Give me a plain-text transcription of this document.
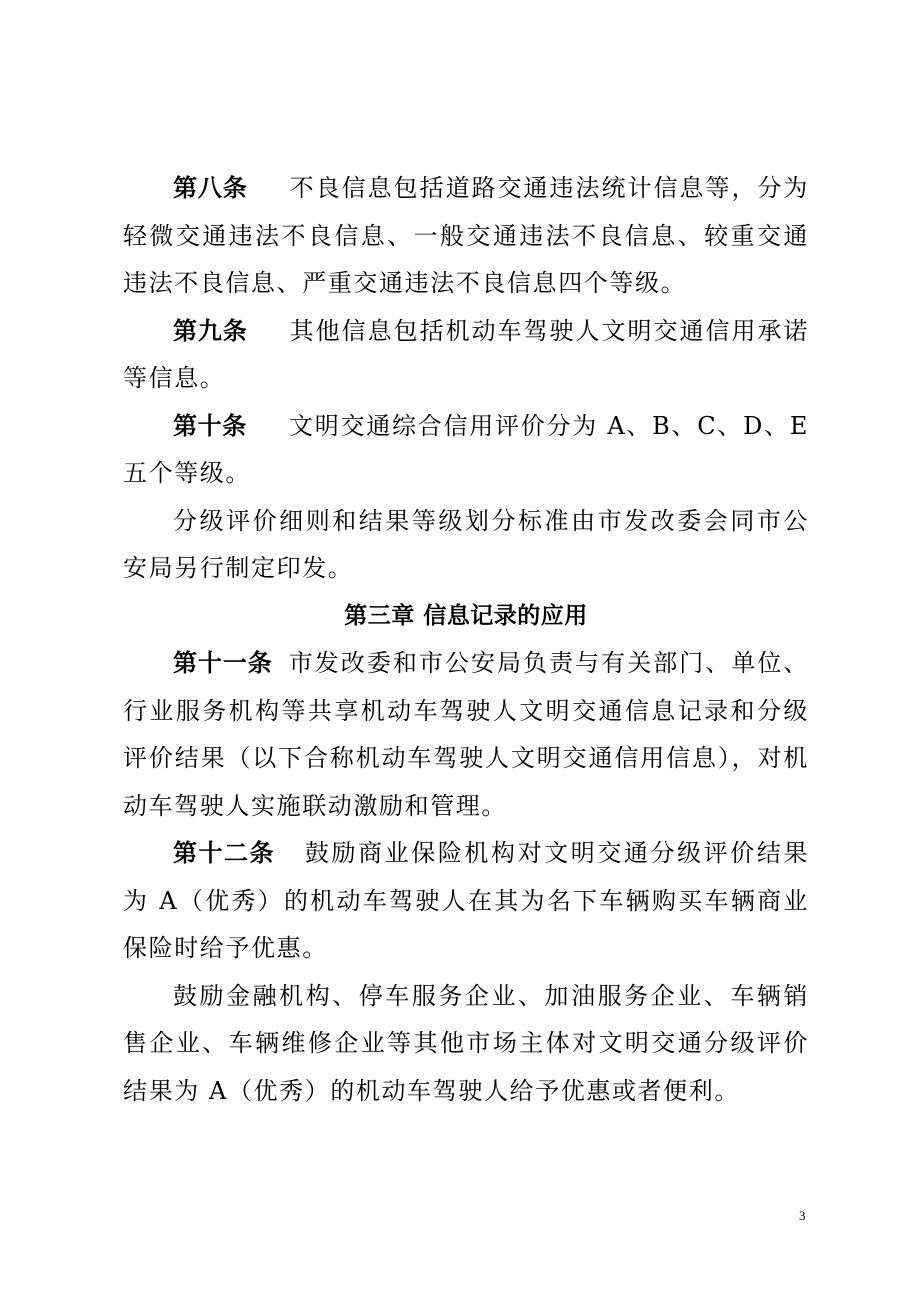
第八条 不良信息包括道路交通违法统计信息等，分为轻微交通违法不良信息、一般交通违法不良信息、较重交通违法不良信息、严重交通违法不良信息四个等级。

第九条 其他信息包括机动车驾驶人文明交通信用承诺等信息。

第十条 文明交通综合信用评价分为 A、B、C、D、E 五个等级。

分级评价细则和结果等级划分标准由市发改委会同市公安局另行制定印发。

第三章 信息记录的应用

第十一条 市发改委和市公安局负责与有关部门、单位、行业服务机构等共享机动车驾驶人文明交通信息记录和分级评价结果（以下合称机动车驾驶人文明交通信用信息），对机动车驾驶人实施联动激励和管理。

第十二条 鼓励商业保险机构对文明交通分级评价结果为 A（优秀）的机动车驾驶人在其为名下车辆购买车辆商业保险时给予优惠。

鼓励金融机构、停车服务企业、加油服务企业、车辆销售企业、车辆维修企业等其他市场主体对文明交通分级评价结果为 A（优秀）的机动车驾驶人给予优惠或者便利。

3
